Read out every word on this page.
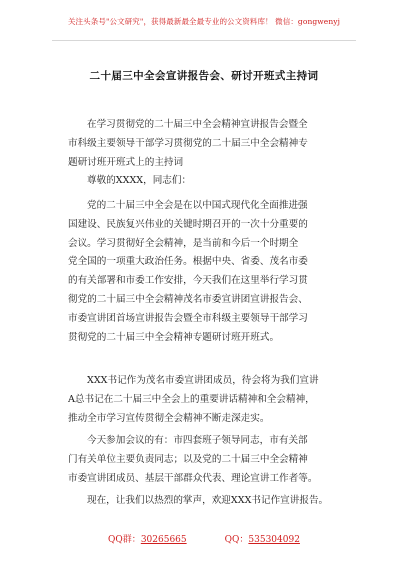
关注头条号"公文研究"，获得最新最全最专业的公文资料库！ 微信：gongwenyj
二十届三中全会宣讲报告会、研讨开班式主持词
在学习贯彻党的二十届三中全会精神宣讲报告会暨全
市科级主要领导干部学习贯彻党的二十届三中全会精神专
题研讨班开班式上的主持词
尊敬的XXXX，同志们：
党的二十届三中全会是在以中国式现代化全面推进强
国建设、民族复兴伟业的关键时期召开的一次十分重要的
会议。学习贯彻好全会精神，是当前和今后一个时期全
党全国的一项重大政治任务。根据中央、省委、茂名市委
的有关部署和市委工作安排，今天我们在这里举行学习贯
彻党的二十届三中全会精神茂名市委宣讲团宣讲报告会、
市委宣讲团首场宣讲报告会暨全市科级主要领导干部学习
贯彻党的二十届三中全会精神专题研讨班开班式。
XXX书记作为茂名市委宣讲团成员，待会将为我们宣讲
A总书记在二十届三中全会上的重要讲话精神和全会精神，
推动全市学习宣传贯彻全会精神不断走深走实。
今天参加会议的有：市四套班子领导同志，市有关部
门有关单位主要负责同志；以及党的二十届三中全会精神
市委宣讲团成员、基层干部群众代表、理论宣讲工作者等。
现在，让我们以热烈的掌声，欢迎XXX书记作宣讲报告。
QQ群：30265665	QQ：535304092
